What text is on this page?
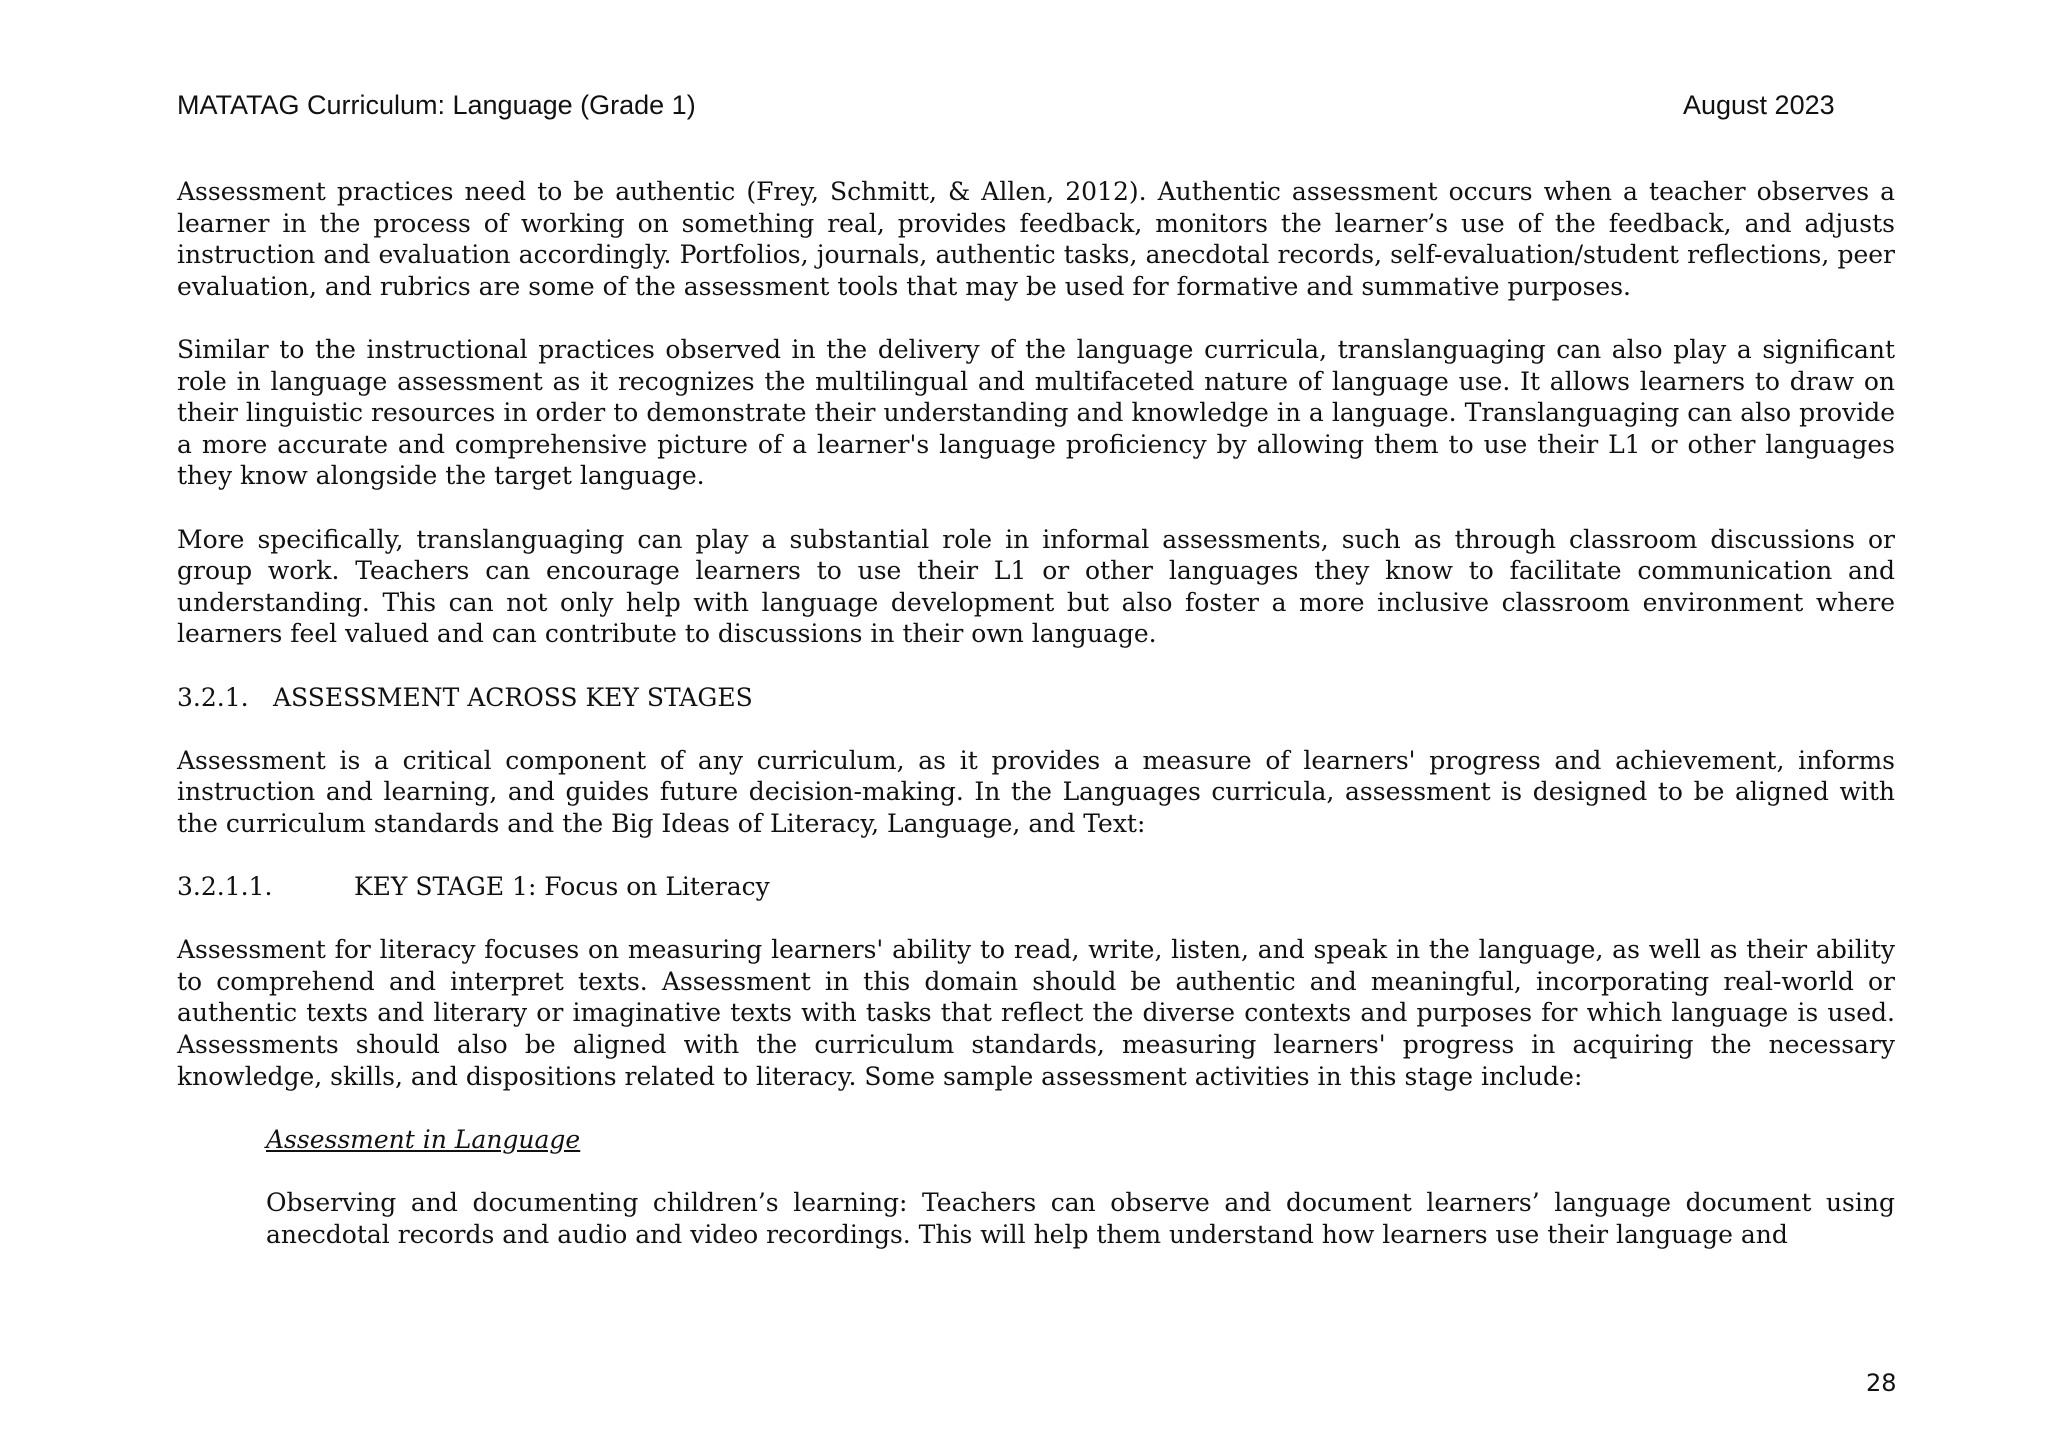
MATATAG Curriculum: Language (Grade 1)	August 2023

Assessment practices need to be authentic (Frey, Schmitt, & Allen, 2012). Authentic assessment occurs when a teacher observes a learner in the process of working on something real, provides feedback, monitors the learner’s use of the feedback, and adjusts instruction and evaluation accordingly. Portfolios, journals, authentic tasks, anecdotal records, self-evaluation/student reflections, peer evaluation, and rubrics are some of the assessment tools that may be used for formative and summative purposes.

Similar to the instructional practices observed in the delivery of the language curricula, translanguaging can also play a significant role in language assessment as it recognizes the multilingual and multifaceted nature of language use. It allows learners to draw on their linguistic resources in order to demonstrate their understanding and knowledge in a language. Translanguaging can also provide a more accurate and comprehensive picture of a learner's language proficiency by allowing them to use their L1 or other languages they know alongside the target language.

More specifically, translanguaging can play a substantial role in informal assessments, such as through classroom discussions or group work. Teachers can encourage learners to use their L1 or other languages they know to facilitate communication and understanding. This can not only help with language development but also foster a more inclusive classroom environment where learners feel valued and can contribute to discussions in their own language.

3.2.1. ASSESSMENT ACROSS KEY STAGES

Assessment is a critical component of any curriculum, as it provides a measure of learners' progress and achievement, informs instruction and learning, and guides future decision-making. In the Languages curricula, assessment is designed to be aligned with the curriculum standards and the Big Ideas of Literacy, Language, and Text:

3.2.1.1.	KEY STAGE 1: Focus on Literacy

Assessment for literacy focuses on measuring learners' ability to read, write, listen, and speak in the language, as well as their ability to comprehend and interpret texts. Assessment in this domain should be authentic and meaningful, incorporating real-world or authentic texts and literary or imaginative texts with tasks that reflect the diverse contexts and purposes for which language is used. Assessments should also be aligned with the curriculum standards, measuring learners' progress in acquiring the necessary knowledge, skills, and dispositions related to literacy. Some sample assessment activities in this stage include:

Assessment in Language

Observing and documenting children’s learning: Teachers can observe and document learners’ language document using anecdotal records and audio and video recordings. This will help them understand how learners use their language and

28
